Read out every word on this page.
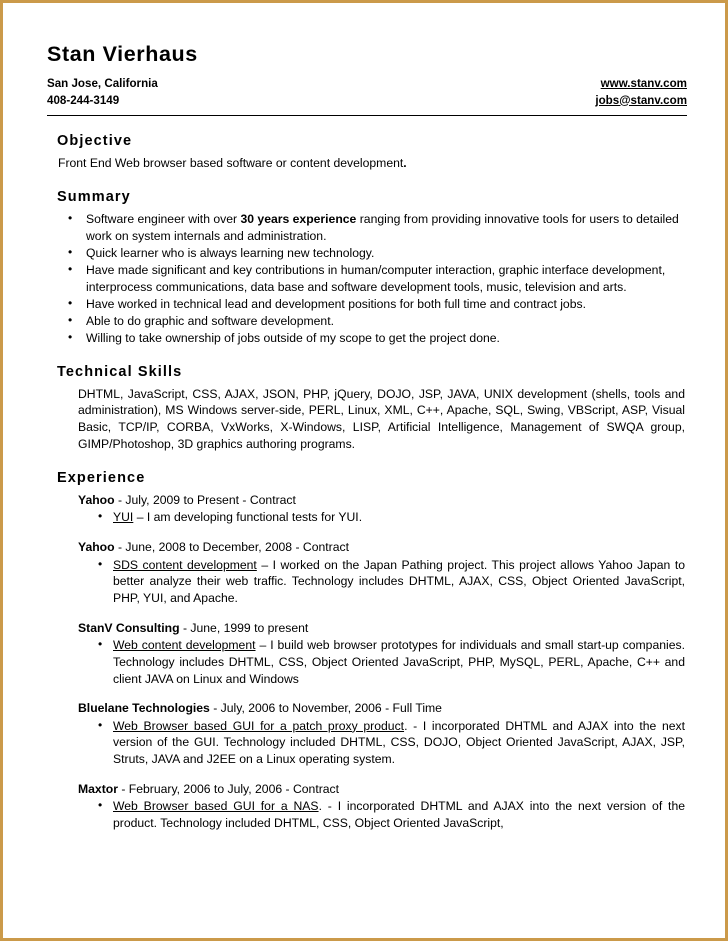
Stan Vierhaus
San Jose, California
408-244-3149
www.stanv.com
jobs@stanv.com
Objective

Front End Web browser based software or content development.

Summary
• Software engineer with over 30 years experience ranging from providing innovative tools for users to detailed work on system internals and administration.
• Quick learner who is always learning new technology.
• Have made significant and key contributions in human/computer interaction, graphic interface development, interprocess communications, data base and software development tools, music, television and arts.
• Have worked in technical lead and development positions for both full time and contract jobs.
• Able to do graphic and software development.
• Willing to take ownership of jobs outside of my scope to get the project done.
Technical Skills

DHTML, JavaScript, CSS, AJAX, JSON, PHP, jQuery, DOJO, JSP, JAVA, UNIX development (shells, tools and administration), MS Windows server-side, PERL, Linux, XML, C++, Apache, SQL, Swing, VBScript, ASP, Visual Basic, TCP/IP, CORBA, VxWorks, X-Windows, LISP, Artificial Intelligence, Management of SWQA group, GIMP/Photoshop, 3D graphics authoring programs.

Experience
Yahoo - July, 2009 to Present - Contract
• YUI – I am developing functional tests for YUI.
Yahoo - June, 2008 to December, 2008 - Contract
• SDS content development – I worked on the Japan Pathing project. This project allows Yahoo Japan to better analyze their web traffic. Technology includes DHTML, AJAX, CSS, Object Oriented JavaScript, PHP, YUI, and Apache.
StanV Consulting - June, 1999 to present
• Web content development – I build web browser prototypes for individuals and small start-up companies. Technology includes DHTML, CSS, Object Oriented JavaScript, PHP, MySQL, PERL, Apache, C++ and client JAVA on Linux and Windows
Bluelane Technologies - July, 2006 to November, 2006 - Full Time
• Web Browser based GUI for a patch proxy product. - I incorporated DHTML and AJAX into the next version of the GUI. Technology included DHTML, CSS, DOJO, Object Oriented JavaScript, AJAX, JSP, Struts, JAVA and J2EE on a Linux operating system.
Maxtor - February, 2006 to July, 2006 - Contract
• Web Browser based GUI for a NAS. - I incorporated DHTML and AJAX into the next version of the product. Technology included DHTML, CSS, Object Oriented JavaScript,
